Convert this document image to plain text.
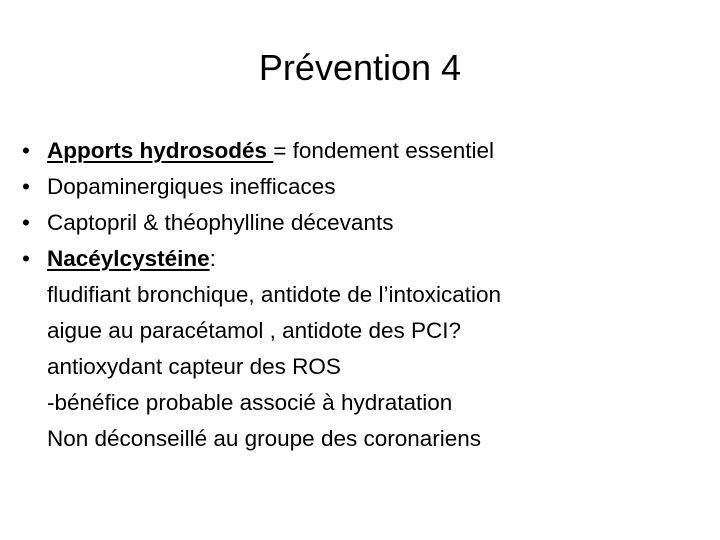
Prévention 4
• Apports hydrosodés = fondement essentiel
• Dopaminergiques inefficaces
• Captopril & théophylline décevants
• Nacéylcystéine:
fludifiant bronchique, antidote de l’intoxication
aigue au paracétamol , antidote des PCI?
antioxydant capteur des ROS
-bénéfice probable associé à hydratation
Non déconseillé au groupe des coronariens
